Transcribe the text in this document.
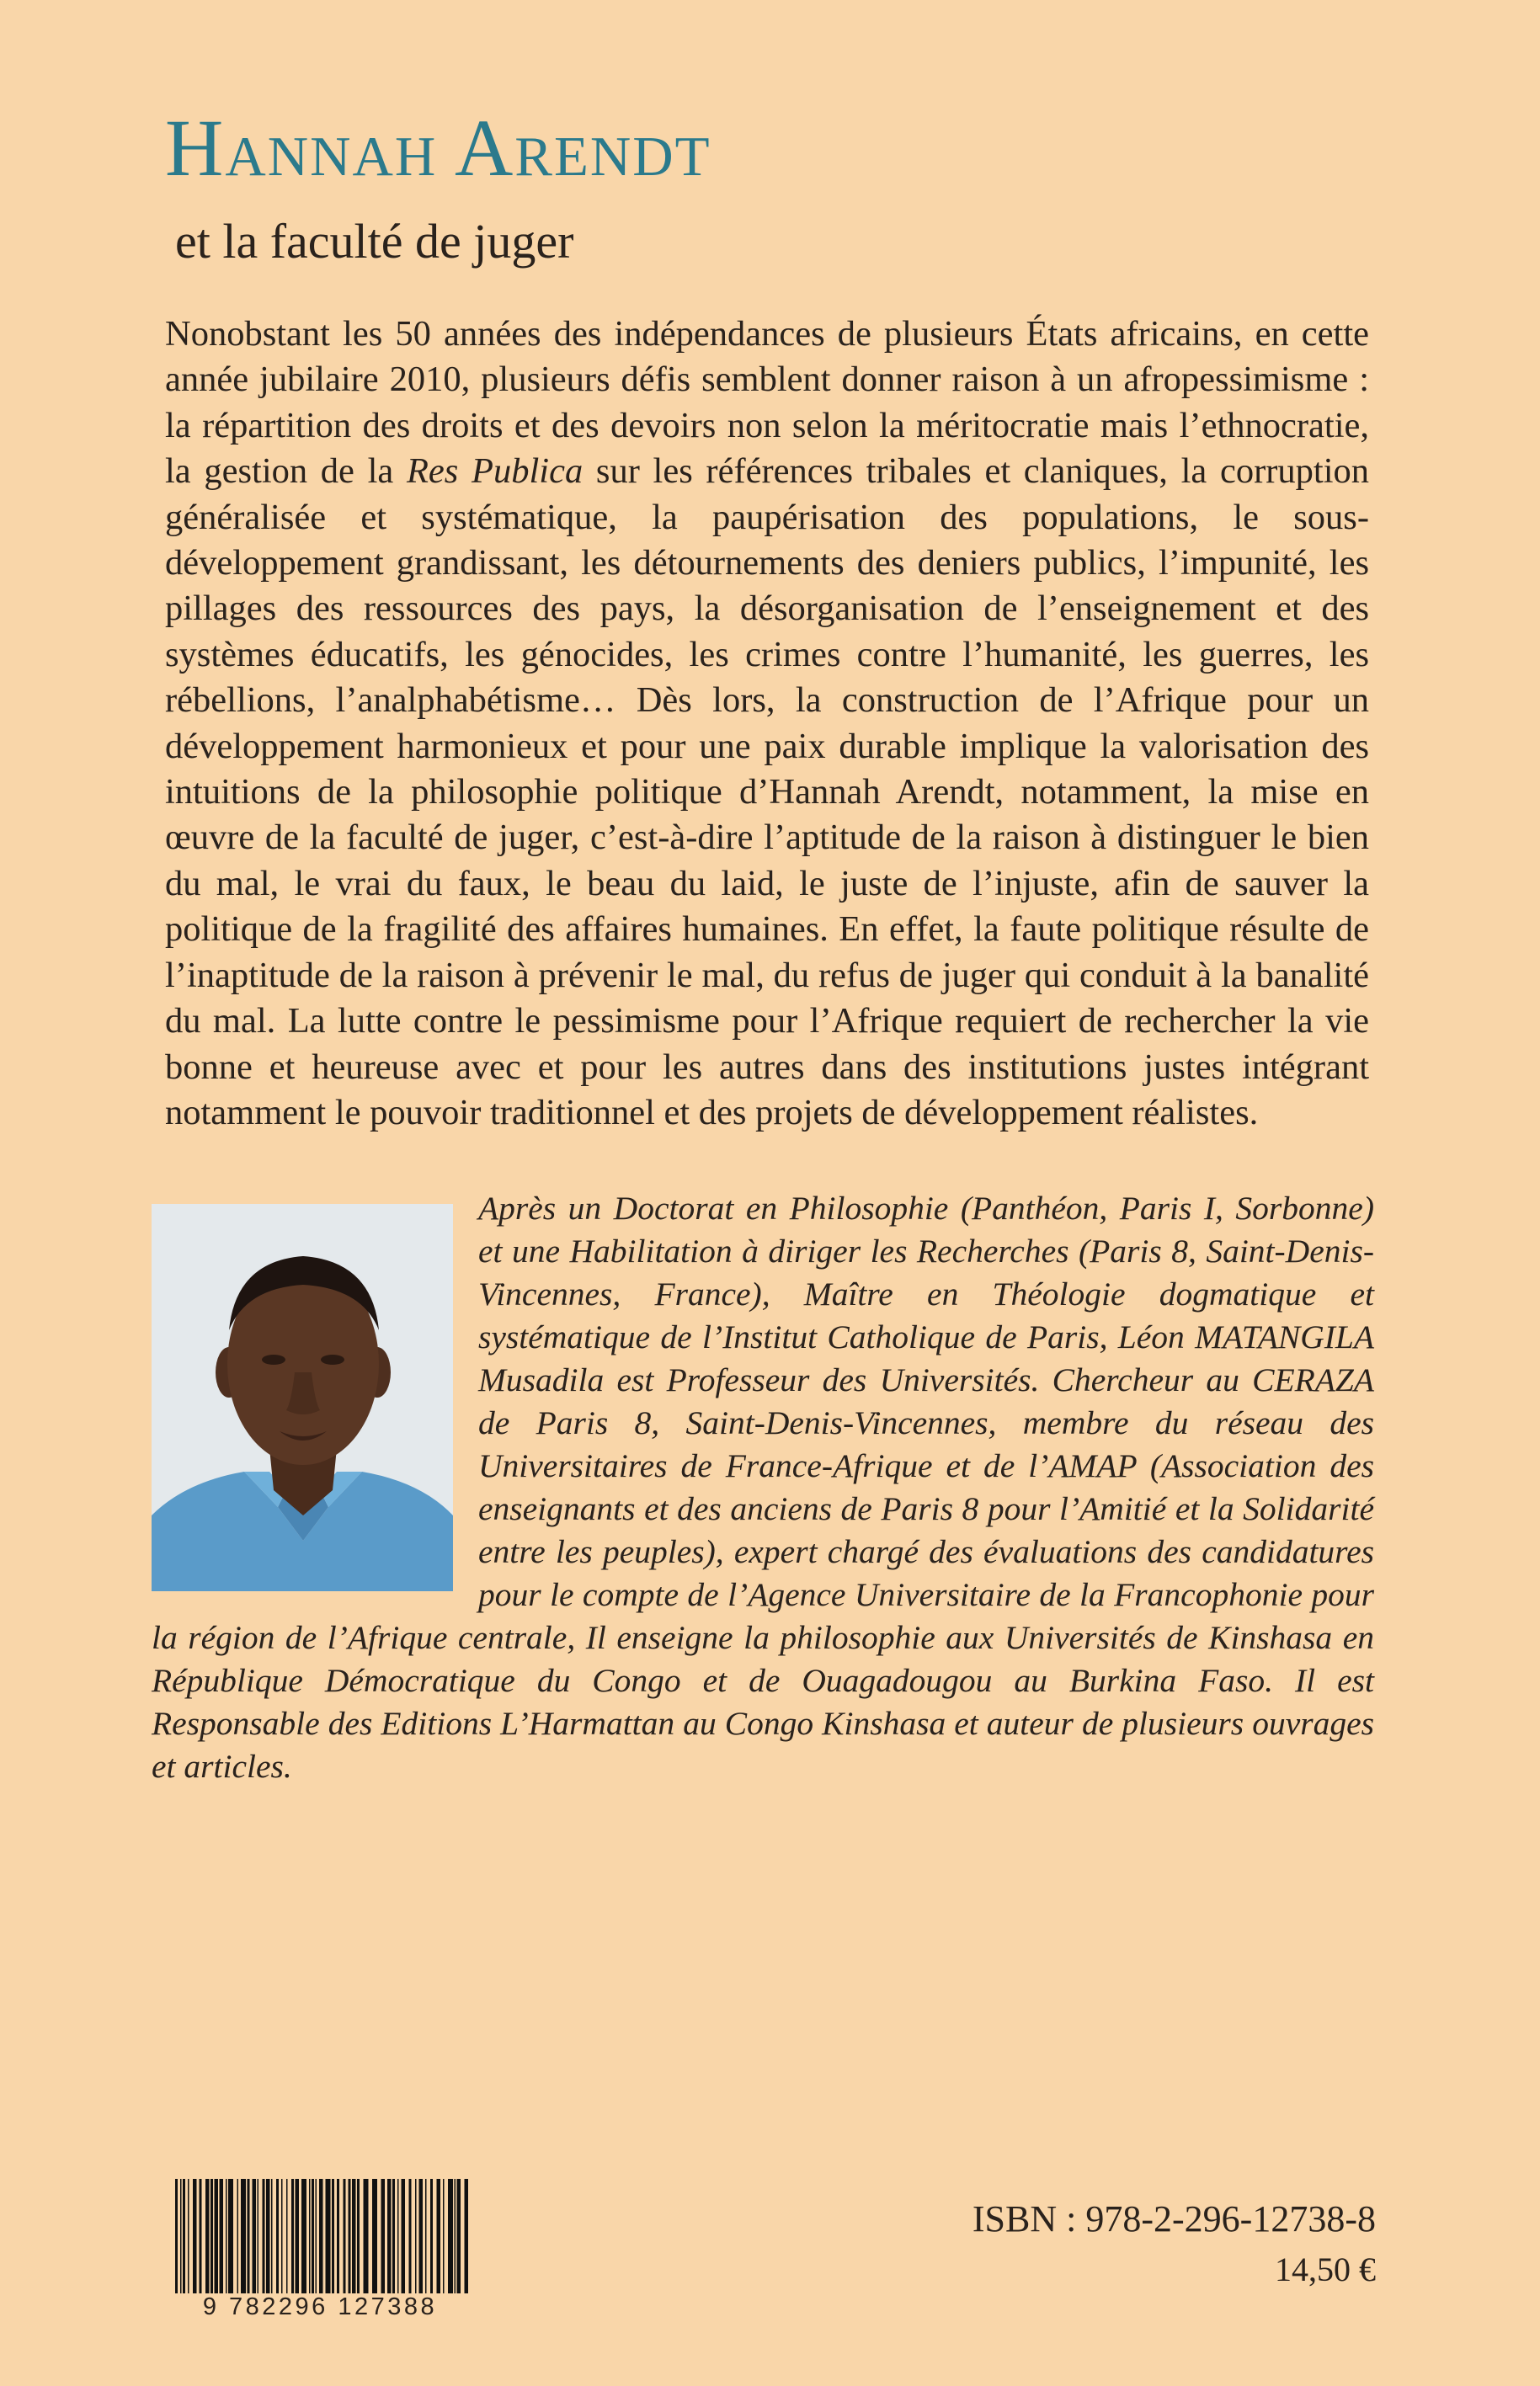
Hannah Arendt
et la faculté de juger

Nonobstant les 50 années des indépendances de plusieurs États africains, en cette année jubilaire 2010, plusieurs défis semblent donner raison à un afropessimisme : la répartition des droits et des devoirs non selon la méritocratie mais l’ethnocratie, la gestion de la Res Publica sur les références tribales et claniques, la corruption généralisée et systématique, la paupérisation des populations, le sous-développement grandissant, les détournements des deniers publics, l’impunité, les pillages des ressources des pays, la désorganisation de l’enseignement et des systèmes éducatifs, les génocides, les crimes contre l’humanité, les guerres, les rébellions, l’analphabétisme… Dès lors, la construction de l’Afrique pour un développement harmonieux et pour une paix durable implique la valorisation des intuitions de la philosophie politique d’Hannah Arendt, notamment, la mise en œuvre de la faculté de juger, c’est-à-dire l’aptitude de la raison à distinguer le bien du mal, le vrai du faux, le beau du laid, le juste de l’injuste, afin de sauver la politique de la fragilité des affaires humaines. En effet, la faute politique résulte de l’inaptitude de la raison à prévenir le mal, du refus de juger qui conduit à la banalité du mal. La lutte contre le pessimisme pour l’Afrique requiert de rechercher la vie bonne et heureuse avec et pour les autres dans des institutions justes intégrant notamment le pouvoir traditionnel et des projets de développement réalistes.

Après un Doctorat en Philosophie (Panthéon, Paris I, Sorbonne) et une Habilitation à diriger les Recherches (Paris 8, Saint-Denis-Vincennes, France), Maître en Théologie dogmatique et systématique de l’Institut Catholique de Paris, Léon MATANGILA Musadila est Professeur des Universités. Chercheur au CERAZA de Paris 8, Saint-Denis-Vincennes, membre du réseau des Universitaires de France-Afrique et de l’AMAP (Association des enseignants et des anciens de Paris 8 pour l’Amitié et la Solidarité entre les peuples), expert chargé des évaluations des candidatures pour le compte de l’Agence Universitaire de la Francophonie pour la région de l’Afrique centrale, Il enseigne la philosophie aux Universités de Kinshasa en République Démocratique du Congo et de Ouagadougou au Burkina Faso. Il est Responsable des Editions L’Harmattan au Congo Kinshasa et auteur de plusieurs ouvrages et articles.

9 782296 127388
ISBN : 978-2-296-12738-8
14,50 €
